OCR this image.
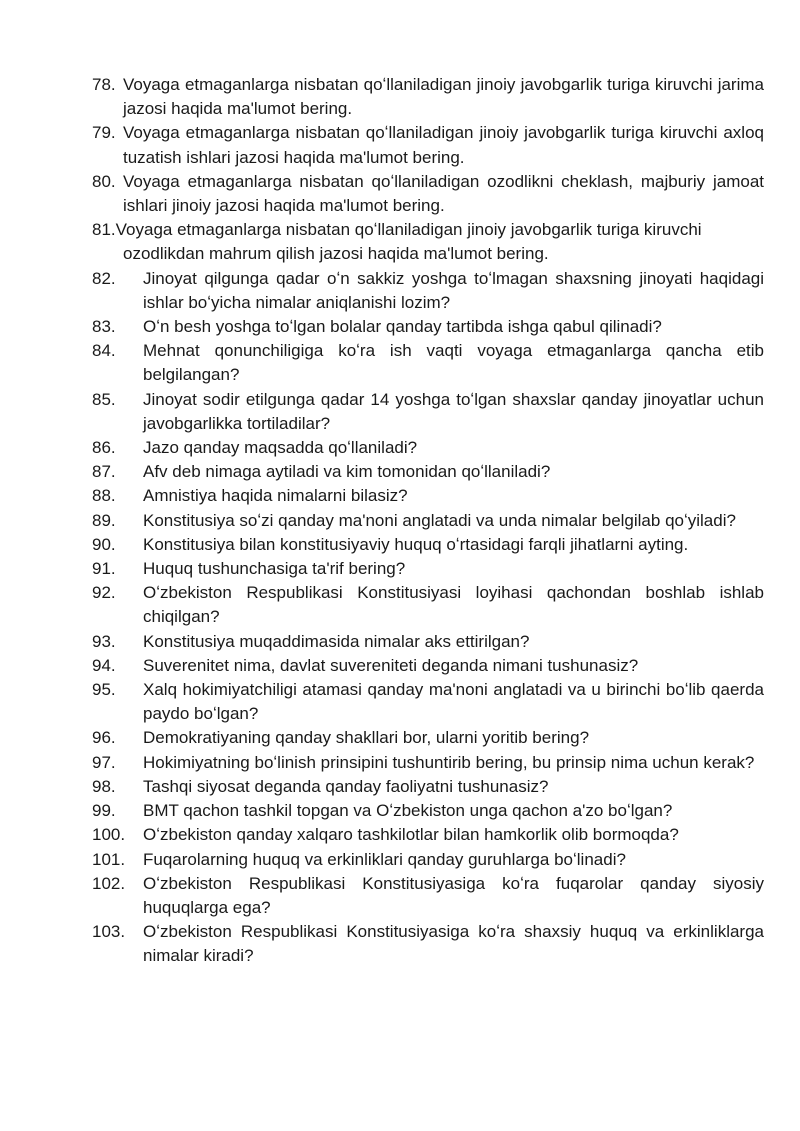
78. Voyaga etmaganlarga nisbatan qoʻllaniladigan jinoiy javobgarlik turiga kiruvchi jarima jazosi haqida ma'lumot bering.
79. Voyaga etmaganlarga nisbatan qoʻllaniladigan jinoiy javobgarlik turiga kiruvchi axloq tuzatish ishlari jazosi haqida ma'lumot bering.
80. Voyaga etmaganlarga nisbatan qoʻllaniladigan ozodlikni cheklash, majburiy jamoat ishlari jinoiy jazosi haqida ma'lumot bering.
81.Voyaga etmaganlarga nisbatan qoʻllaniladigan jinoiy javobgarlik turiga kiruvchi
ozodlikdan mahrum qilish jazosi haqida ma'lumot bering.
82. Jinoyat qilgunga qadar oʻn sakkiz yoshga toʻlmagan shaxsning jinoyati haqidagi ishlar boʻyicha nimalar aniqlanishi lozim?
83. Oʻn besh yoshga toʻlgan bolalar qanday tartibda ishga qabul qilinadi?
84. Mehnat qonunchiligiga koʻra ish vaqti voyaga etmaganlarga qancha etib belgilangan?
85. Jinoyat sodir etilgunga qadar 14 yoshga toʻlgan shaxslar qanday jinoyatlar uchun javobgarlikka tortiladilar?
86. Jazo qanday maqsadda qoʻllaniladi?
87. Afv deb nimaga aytiladi va kim tomonidan qoʻllaniladi?
88. Amnistiya haqida nimalarni bilasiz?
89. Konstitusiya soʻzi qanday ma'noni anglatadi va unda nimalar belgilab qoʻyiladi?
90. Konstitusiya bilan konstitusiyaviy huquq oʻrtasidagi farqli jihatlarni ayting.
91. Huquq tushunchasiga ta'rif bering?
92. Oʻzbekiston Respublikasi Konstitusiyasi loyihasi qachondan boshlab ishlab chiqilgan?
93. Konstitusiya muqaddimasida nimalar aks ettirilgan?
94. Suverenitet nima, davlat suvereniteti deganda nimani tushunasiz?
95. Xalq hokimiyatchiligi atamasi qanday ma'noni anglatadi va u birinchi boʻlib qaerda paydo boʻlgan?
96. Demokratiyaning qanday shakllari bor, ularni yoritib bering?
97. Hokimiyatning boʻlinish prinsipini tushuntirib bering, bu prinsip nima uchun kerak?
98. Tashqi siyosat deganda qanday faoliyatni tushunasiz?
99. BMT qachon tashkil topgan va Oʻzbekiston unga qachon a'zo boʻlgan?
100. Oʻzbekiston qanday xalqaro tashkilotlar bilan hamkorlik olib bormoqda?
101. Fuqarolarning huquq va erkinliklari qanday guruhlarga boʻlinadi?
102. Oʻzbekiston Respublikasi Konstitusiyasiga koʻra fuqarolar qanday siyosiy huquqlarga ega?
103. Oʻzbekiston Respublikasi Konstitusiyasiga koʻra shaxsiy huquq va erkinliklarga nimalar kiradi?
